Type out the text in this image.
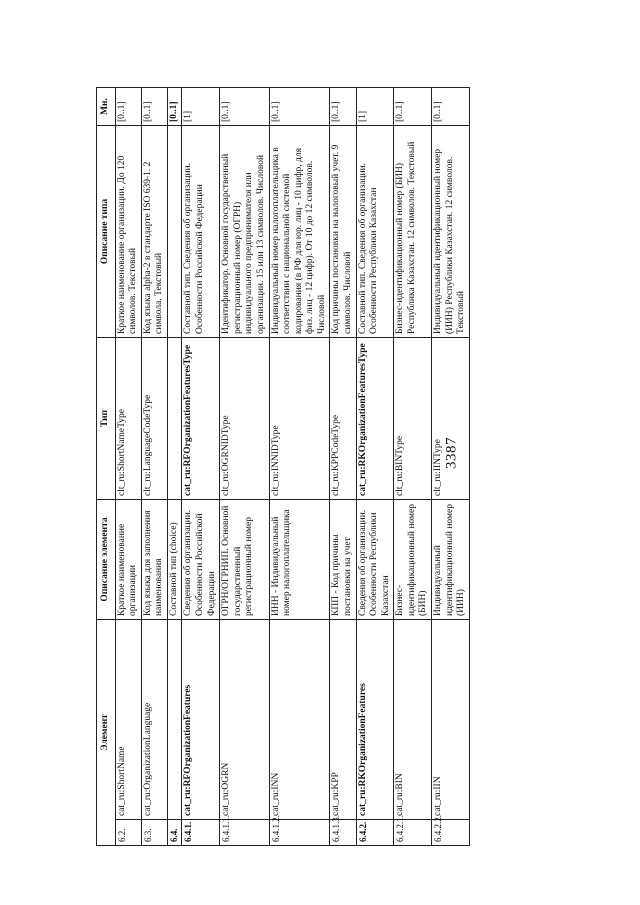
3387
Элемент		Описание элемента	Тип	Описание типа	Мн.
6.2.	cat_ru:ShortName	Краткое наименование организации	clt_ru:ShortNameType	Краткое наименование организации. До 120 символов. Текстовый	[0..1]
6.3.	cat_ru:OrganizationLanguage	Код языка для заполнения наименования	clt_ru:LanguageCodeType	Код языка alpha-2 в стандарте ISO 639-1. 2 символа. Текстовый	[0..1]
6.4.		Составной тип (choice)			[0..1]
6.4.1.	cat_ru:RFOrganizationFeatures	Сведения об организации. Особенности Российской Федерации	cat_ru:RFOrganizationFeaturesType	Составной тип. Сведения об организации. Особенности Российской Федерации	[1]
6.4.1.1.	cat_ru:OGRN	ОГРН/ОГРНИП. Основной государственный регистрационный номер	clt_ru:OGRNIDType	Идентификатор. Основной государственный регистрационный номер (ОГРН) индивидуального предпринимателя или организации. 15 или 13 символов. Числовой	[0..1]
6.4.1.2.	cat_ru:INN	ИНН - Индивидуальный номер налогоплательщика	clt_ru:INNIDType	Индивидуальный номер налогоплательщика в соответствии с национальной системой кодирования (в РФ для юр. лиц - 10 цифр, для физ. лиц - 12 цифр). От 10 до 12 символов. Числовой	[0..1]
6.4.1.3.	cat_ru:KPP	КПП - Код причины постановки на учет	clt_ru:KPPCodeType	Код причины постановки на налоговый учет. 9 символов. Числовой	[0..1]
6.4.2.	cat_ru:RKOrganizationFeatures	Сведения об организации. Особенности Республики Казахстан	cat_ru:RKOrganizationFeaturesType	Составной тип. Сведения об организации. Особенности Республики Казахстан	[1]
6.4.2.1.	cat_ru:BIN	Бизнес-идентификационный номер (БИН)	clt_ru:BINType	Бизнес-идентификационный номер (БИН) Республика Казахстан. 12 символов. Текстовый	[0..1]
6.4.2.2.	cat_ru:IIN	Индивидуальный идентификационный номер (ИИН)	clt_ru:IINType	Индивидуальный идентификационный номер (ИИН) Республики Казахстан. 12 символов. Текстовый	[0..1]
